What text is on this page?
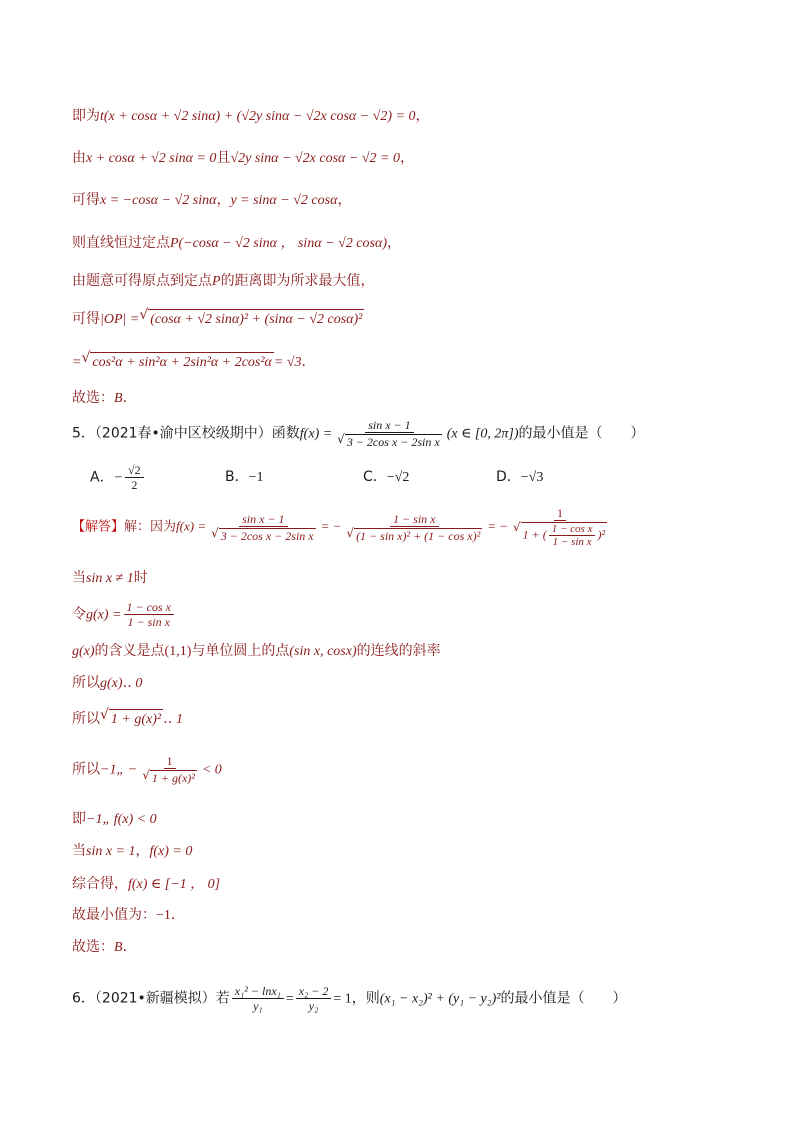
即为t(x + cosα + √2 sinα) + (√2y sinα − √2x cosα − √2) = 0，
由x + cosα + √2 sinα = 0且√2y sinα − √2x cosα − √2 = 0，
可得x = −cosα − √2 sinα，y = sinα − √2 cosα，
则直线恒过定点P(−cosα − √2 sinα ， sinα − √2 cosα)，
由题意可得原点到定点P的距离即为所求最大值，
可得|OP| = √ (cosα + √2 sinα)² + (sinα − √2 cosα)²
= √ cos²α + sin²α + 2sin²α + 2cos²α = √3．
故选：B．
5．（2021春•渝中区校级期中）函数$f(x) = \frac{\text{sin x − 1}}{\text{√ 3 − 2cos x − 2sin x}} (x$ ∈ [0, 2π])的最小值是（　　）
A．− $\frac{√2}{2}$	B．−1	C．−√2	D．−√3
【解答】解：因为$f(x) = \frac{\text{sin x − 1}}{\text{√ 3 − 2cos x − 2sin x}}$ = − $\frac{\text{1 − sin x}}{\text{√ (1 − sin x)² + (1 − cos x)²}}$ = − 1
√
1 + ( $\frac{\text{1 − cos x}}{\text{1 − sin x}} )^2$
当sin x ≠ 1时
令$g(x) = \frac{\text{1 − cos x}}{\text{1 − sin x}}$
g(x)的含义是点(1,1)与单位圆上的点(sin x, cosx)的连线的斜率
所以g(x)‥ 0
所以 √ 1 + g(x)² ‥ 1
所以−1„ − $\frac{1}{\text{√ 1 + g(x)²}} < 0$
即−1„ f(x) < 0
当sin x = 1，f(x) = 0
综合得，f(x) ∈ [−1 ， 0]
故最小值为：−1．
故选：B．
6．（2021•新疆模拟）若 $\frac{\text{x₁² − lnx₁}}{\text{y₁}} = \frac{\text{x₂ − 2}}{\text{y₂}} = 1$，则(x₁ − x₂)² + (y₁ − y₂)²的最小值是（　　）
